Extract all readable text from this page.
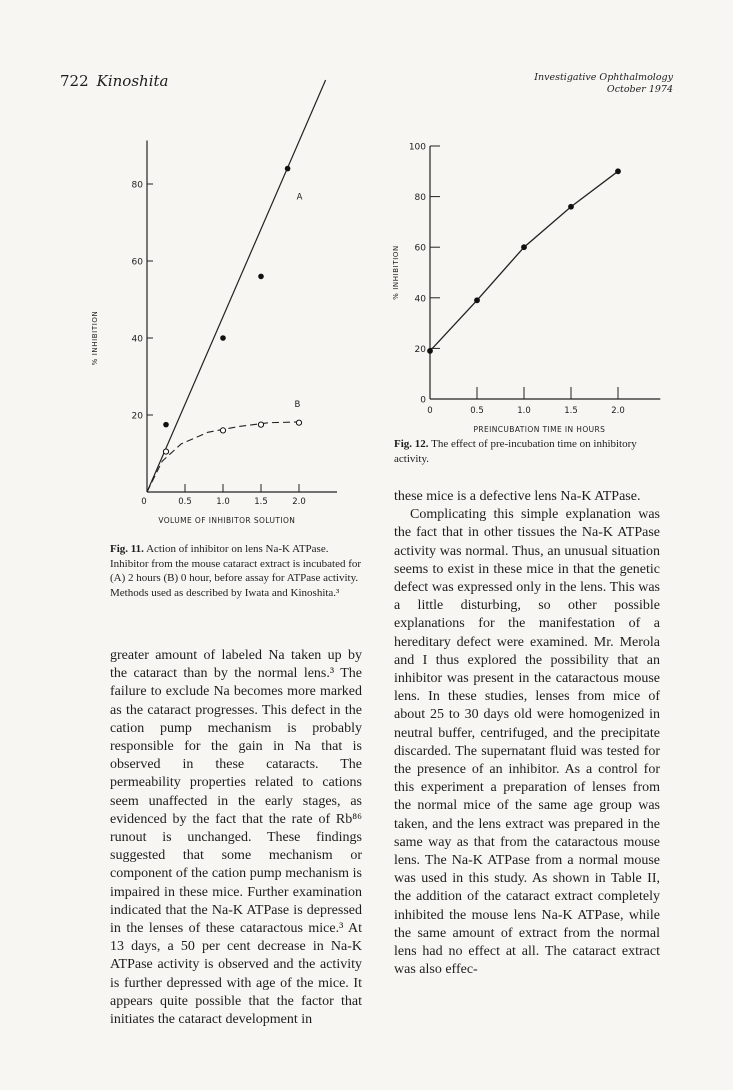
722 Kinoshita	Investigative Ophthalmology
October 1974
20
40
60
80
0	0.5	1.0	1.5	2.0
VOLUME OF INHIBITOR SOLUTION
% INHIBITION
A
B
Fig. 11. Action of inhibitor on lens Na-K ATPase. Inhibitor from the mouse cataract extract is incubated for (A) 2 hours (B) 0 hour, before assay for ATPase activity. Methods used as described by Iwata and Kinoshita.³
0
20
40
60
80
100
0	0.5	1.0	1.5	2.0
PREINCUBATION TIME IN HOURS
% INHIBITION
Fig. 12. The effect of pre-incubation time on inhibitory activity.

greater amount of labeled Na taken up by the cataract than by the normal lens.³ The failure to exclude Na becomes more marked as the cataract progresses. This defect in the cation pump mechanism is probably responsible for the gain in Na that is observed in these cataracts. The permeability properties related to cations seem unaffected in the early stages, as evidenced by the fact that the rate of Rb⁸⁶ runout is unchanged. These findings suggested that some mechanism or component of the cation pump mechanism is impaired in these mice. Further examination indicated that the Na-K ATPase is depressed in the lenses of these cataractous mice.³ At 13 days, a 50 per cent decrease in Na-K ATPase activity is observed and the activity is further depressed with age of the mice. It appears quite possible that the factor that initiates the cataract development in

these mice is a defective lens Na-K ATPase.

Complicating this simple explanation was the fact that in other tissues the Na-K ATPase activity was normal. Thus, an unusual situation seems to exist in these mice in that the genetic defect was expressed only in the lens. This was a little disturbing, so other possible explanations for the manifestation of a hereditary defect were examined. Mr. Merola and I thus explored the possibility that an inhibitor was present in the cataractous mouse lens. In these studies, lenses from mice of about 25 to 30 days old were homogenized in neutral buffer, centrifuged, and the precipitate discarded. The supernatant fluid was tested for the presence of an inhibitor. As a control for this experiment a preparation of lenses from the normal mice of the same age group was taken, and the lens extract was prepared in the same way as that from the cataractous mouse lens. The Na-K ATPase from a normal mouse was used in this study. As shown in Table II, the addition of the cataract extract completely inhibited the mouse lens Na-K ATPase, while the same amount of extract from the normal lens had no effect at all. The cataract extract was also effec-
